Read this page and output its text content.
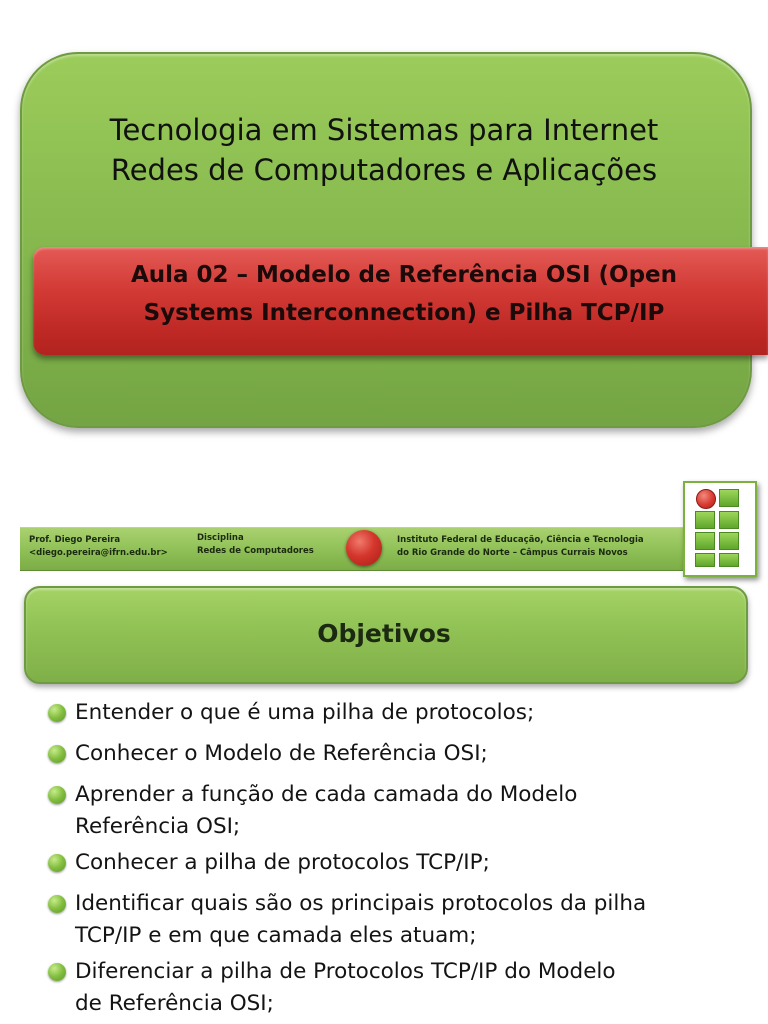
Tecnologia em Sistemas para Internet
Redes de Computadores e Aplicações
Aula 02 – Modelo de Referência OSI (Open
Systems Interconnection) e Pilha TCP/IP
Prof. Diego Pereira
<diego.pereira@ifrn.edu.br>
Disciplina
Redes de Computadores
Instituto Federal de Educação, Ciência e Tecnologia
do Rio Grande do Norte – Câmpus Currais Novos
Objetivos
Entender o que é uma pilha de protocolos;
Conhecer o Modelo de Referência OSI;
Aprender a função de cada camada do Modelo
Referência OSI;
Conhecer a pilha de protocolos TCP/IP;
Identificar quais são os principais protocolos da pilha
TCP/IP e em que camada eles atuam;
Diferenciar a pilha de Protocolos TCP/IP do Modelo
de Referência OSI;
